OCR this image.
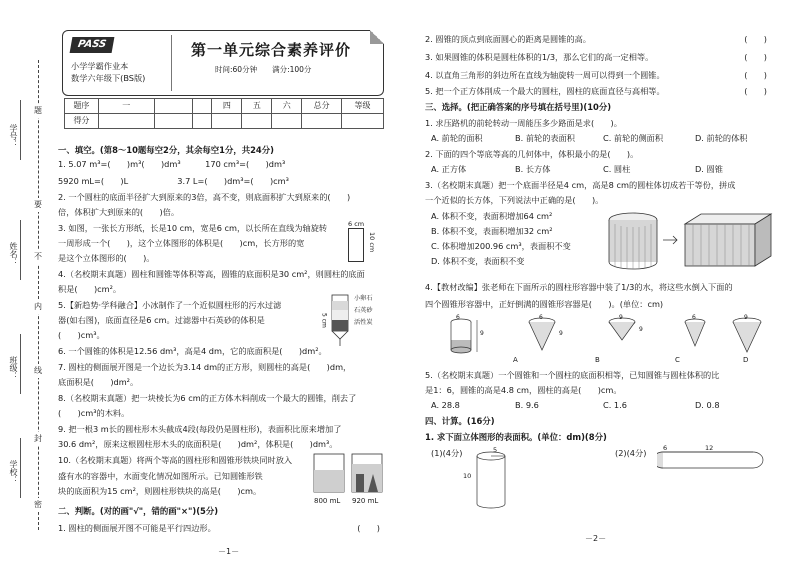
学号：
姓名：
班级：
学校：
题
要
不
内
线
封
密
PASS
小学学霸作业本
数学六年级下(BS版)
第一单元综合素养评价
时间:60分钟　　满分:100分
题序	一			四	五	六	总分	等级
得分								
一、填空。(第8～10题每空2分，其余每空1分，共24分)
1. 5.07 m³=(　　)m³(　　)dm³　　　170 cm³=(　　)dm³
5920 mL=(　　)L　　　　　　3.7 L=(　　)dm³=(　　)cm³
2. 一个圆柱的底面半径扩大到原来的3倍，高不变，则底面积扩大到原来的(　　)
倍，体积扩大到原来的(　　)倍。
3. 如图，一张长方形纸，长是10 cm，宽是6 cm，以长所在直线为轴旋转
一周形成一个(　　)，这个立体图形的体积是(　　)cm，长方形的宽
是这个立体图形的(　　)。
6 cm
10 cm
4.（名校期末真题）圆柱和圆锥等体积等高，圆锥的底面积是30 cm²，则圆柱的底面
积是(　　)cm²。
5.【新趋势·学科融合】小冰制作了一个近似圆柱形的污水过滤
器(如右图)，底面直径是6 cm。过滤器中石英砂的体积是
(　　)cm³。
5 cm
小卵石
石英砂
活性炭
6. 一个圆锥的体积是12.56 dm³，高是4 dm，它的底面积是(　　)dm²。
7. 圆柱的侧面展开图是一个边长为3.14 dm的正方形，则圆柱的高是(　　)dm，
底面积是(　　)dm²。
8.（名校期末真题）把一块棱长为6 cm的正方体木料削成一个最大的圆锥，削去了
(　　)cm³的木料。
9. 把一根3 m长的圆柱形木头截成4段(每段仍是圆柱形)，表面积比原来增加了
30.6 dm²，原来这根圆柱形木头的底面积是(　　)dm²，体积是(　　)dm³。
10.（名校期末真题）将两个等高的圆柱形和圆锥形铁块同时放入
盛有水的容器中，水面变化情况如图所示。已知圆锥形铁
块的底面积为15 cm²，则圆柱形铁块的高是(　　)cm。
800 mL 920 mL
二、判断。(对的画"√"，错的画"×")(5分)
1. 圆柱的侧面展开图不可能是平行四边形。	(　　)
－1－
2. 圆锥的顶点到底面圆心的距离是圆锥的高。	(　　)
3. 如果圆锥的体积是圆柱体积的1/3，那么它们的高一定相等。	(　　)
4. 以直角三角形的斜边所在直线为轴旋转一周可以得到一个圆锥。	(　　)
5. 把一个正方体削成一个最大的圆柱，圆柱的底面直径与高相等。	(　　)
三、选择。(把正确答案的序号填在括号里)(10分)
1. 求压路机的前轮转动一周能压多少路面是求(　　)。
A. 前轮的面积	B. 前轮的表面积	C. 前轮的侧面积	D. 前轮的体积
2. 下面的四个等底等高的几何体中，体积最小的是(　　)。
A. 正方体	B. 长方体	C. 圆柱	D. 圆锥
3.（名校期末真题）把一个底面半径是4 cm，高是8 cm的圆柱体切成若干等份，拼成
一个近似的长方体，下列说法中正确的是(　　)。
A. 体积不变，表面积增加64 cm²
B. 体积不变，表面积增加32 cm²
C. 体积增加200.96 cm³，表面积不变
D. 体积不变，表面积不变
4.【教材改编】张老师在下面所示的圆柱形容器中装了1/3的水，将这些水倒入下面的
四个圆锥形容器中，正好倒满的圆锥形容器是(　　)。(单位：cm)
6
9
6
9
9
9
6	9
A	B	C	D
5.（名校期末真题）一个圆锥和一个圆柱的底面积相等，已知圆锥与圆柱体积的比
是1：6，圆锥的高是4.8 cm，圆柱的高是(　　)cm。
A. 28.8	B. 9.6	C. 1.6	D. 0.8
四、计算。(16分)
1. 求下面立体图形的表面积。(单位：dm)(8分)
(1)(4分)	(2)(4分)
5
10
6	12
－2－
